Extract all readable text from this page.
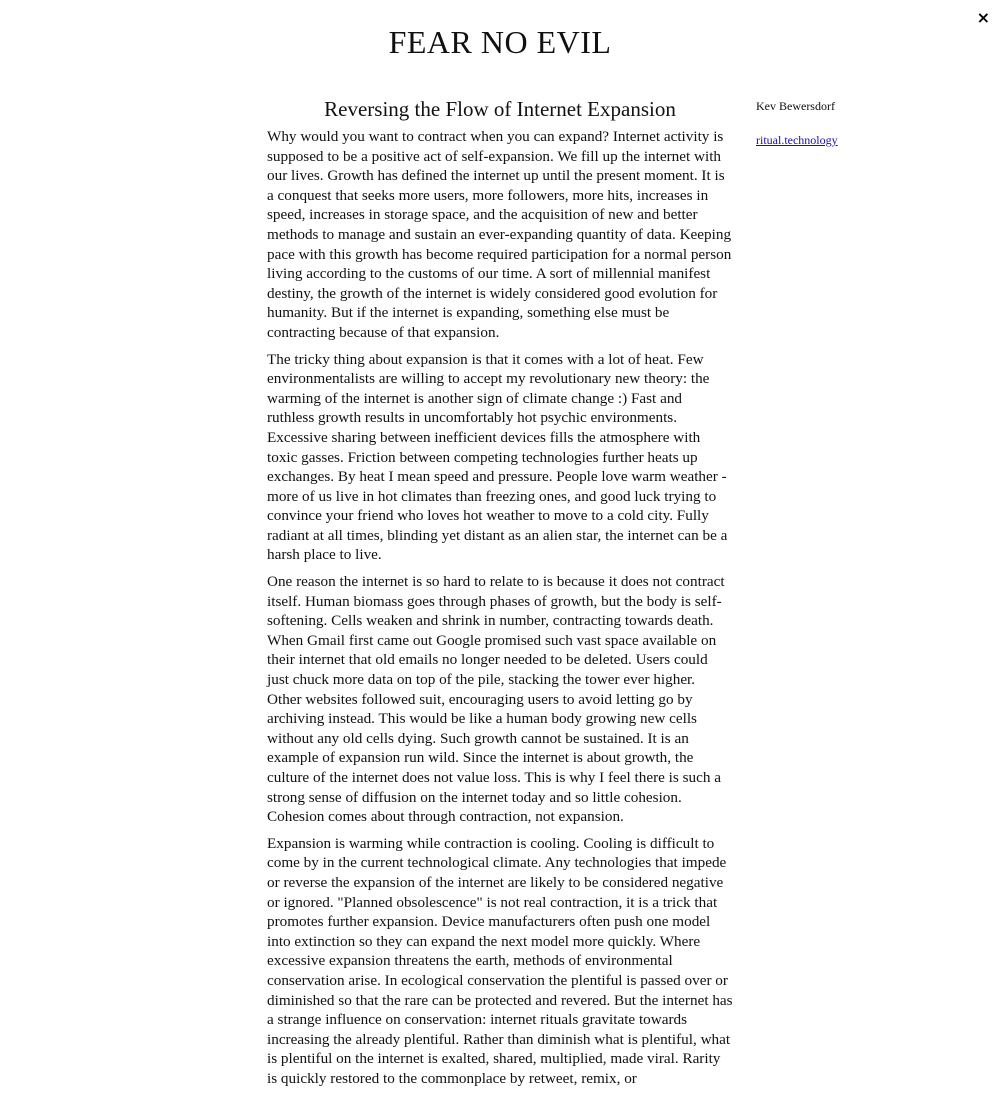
×
FEAR NO EVIL
Reversing the Flow of Internet Expansion

Why would you want to contract when you can expand? Internet activity is supposed to be a positive act of self-expansion. We fill up the internet with our lives. Growth has defined the internet up until the present moment. It is a conquest that seeks more users, more followers, more hits, increases in speed, increases in storage space, and the acquisition of new and better methods to manage and sustain an ever-expanding quantity of data. Keeping pace with this growth has become required participation for a normal person living according to the customs of our time. A sort of millennial manifest destiny, the growth of the internet is widely considered good evolution for humanity. But if the internet is expanding, something else must be contracting because of that expansion.

The tricky thing about expansion is that it comes with a lot of heat. Few environmentalists are willing to accept my revolutionary new theory: the warming of the internet is another sign of climate change :) Fast and ruthless growth results in uncomfortably hot psychic environments. Excessive sharing between inefficient devices fills the atmosphere with toxic gasses. Friction between competing technologies further heats up exchanges. By heat I mean speed and pressure. People love warm weather - more of us live in hot climates than freezing ones, and good luck trying to convince your friend who loves hot weather to move to a cold city. Fully radiant at all times, blinding yet distant as an alien star, the internet can be a harsh place to live.

One reason the internet is so hard to relate to is because it does not contract itself. Human biomass goes through phases of growth, but the body is self-softening. Cells weaken and shrink in number, contracting towards death. When Gmail first came out Google promised such vast space available on their internet that old emails no longer needed to be deleted. Users could just chuck more data on top of the pile, stacking the tower ever higher. Other websites followed suit, encouraging users to avoid letting go by archiving instead. This would be like a human body growing new cells without any old cells dying. Such growth cannot be sustained. It is an example of expansion run wild. Since the internet is about growth, the culture of the internet does not value loss. This is why I feel there is such a strong sense of diffusion on the internet today and so little cohesion. Cohesion comes about through contraction, not expansion.

Expansion is warming while contraction is cooling. Cooling is difficult to come by in the current technological climate. Any technologies that impede or reverse the expansion of the internet are likely to be considered negative or ignored. "Planned obsolescence" is not real contraction, it is a trick that promotes further expansion. Device manufacturers often push one model into extinction so they can expand the next model more quickly. Where excessive expansion threatens the earth, methods of environmental conservation arise. In ecological conservation the plentiful is passed over or diminished so that the rare can be protected and revered. But the internet has a strange influence on conservation: internet rituals gravitate towards increasing the already plentiful. Rather than diminish what is plentiful, what is plentiful on the internet is exalted, shared, multiplied, made viral. Rarity is quickly restored to the commonplace by retweet, remix, or

Kev Bewersdorf
ritual.technology
